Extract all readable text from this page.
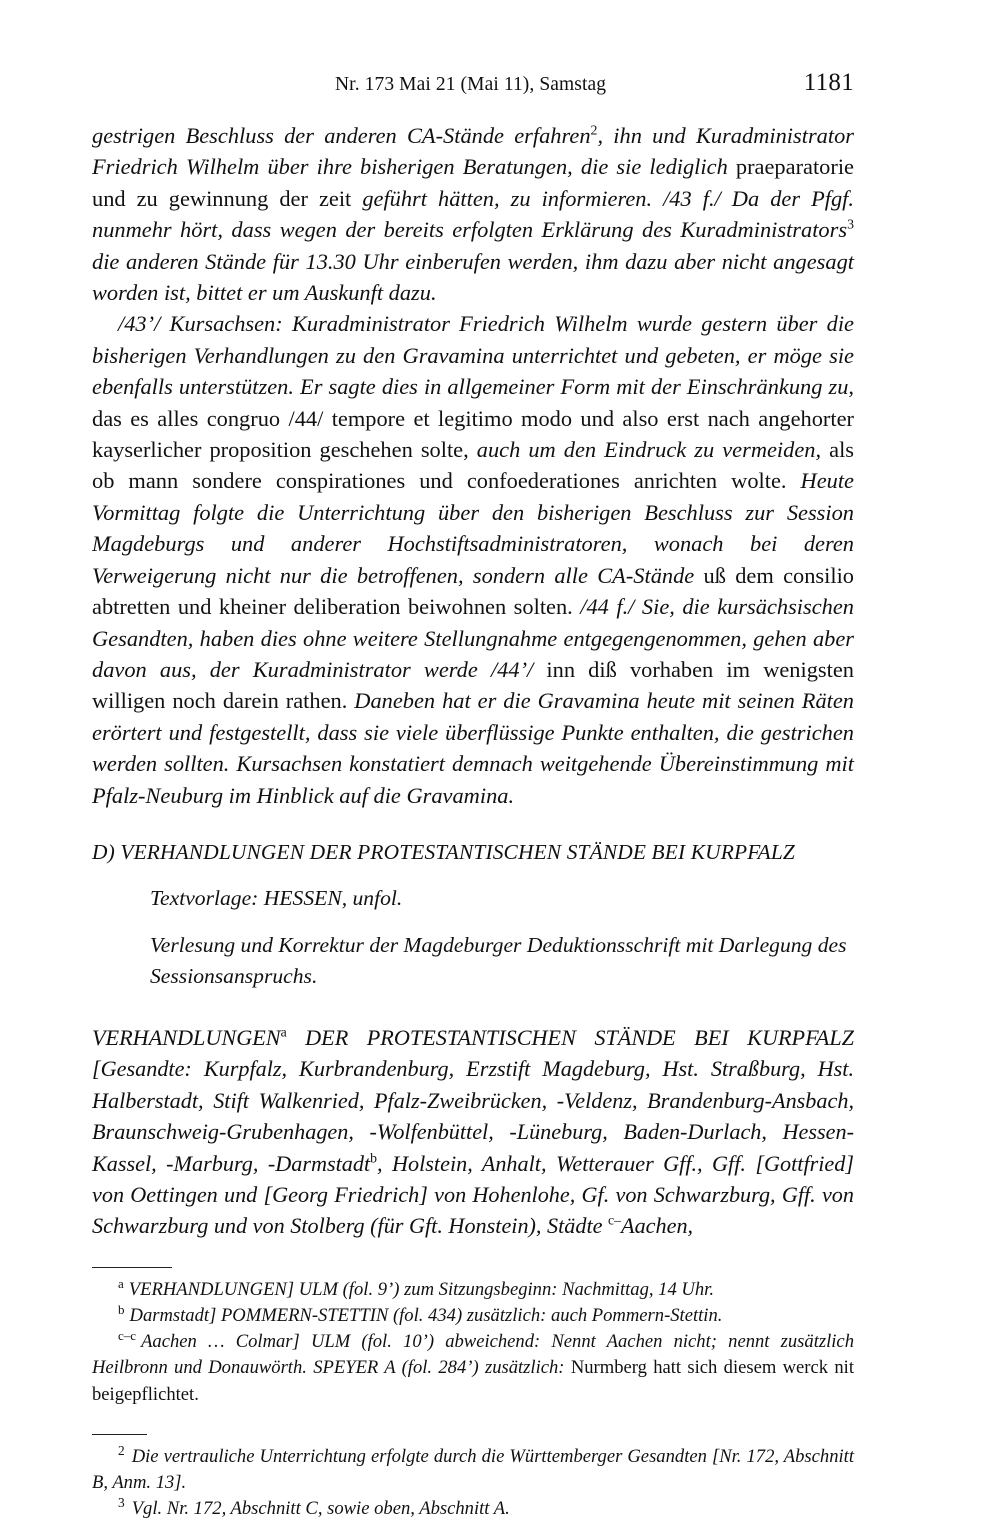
Nr. 173 Mai 21 (Mai 11), Samstag	1181

gestrigen Beschluss der anderen CA-Stände erfahren$^2$, ihn und Kuradministrator Friedrich Wilhelm über ihre bisherigen Beratungen, die sie lediglich praeparatorie und zu gewinnung der zeit geführt hätten, zu informieren. /43 f./ Da der Pfgf. nunmehr hört, dass wegen der bereits erfolgten Erklärung des Kuradministrators$^3$ die anderen Stände für 13.30 Uhr einberufen werden, ihm dazu aber nicht angesagt worden ist, bittet er um Auskunft dazu.

/43’/ Kursachsen: Kuradministrator Friedrich Wilhelm wurde gestern über die bisherigen Verhandlungen zu den Gravamina unterrichtet und gebeten, er möge sie ebenfalls unterstützen. Er sagte dies in allgemeiner Form mit der Einschränkung zu, das es alles congruo /44/ tempore et legitimo modo und also erst nach angehorter kayserlicher proposition geschehen solte, auch um den Eindruck zu vermeiden, als ob mann sondere conspirationes und confoederationes anrichten wolte. Heute Vormittag folgte die Unterrichtung über den bisherigen Beschluss zur Session Magdeburgs und anderer Hochstiftsadministratoren, wonach bei deren Verweigerung nicht nur die betroffenen, sondern alle CA-Stände uß dem consilio abtretten und kheiner deliberation beiwohnen solten. /44 f./ Sie, die kursächsischen Gesandten, haben dies ohne weitere Stellungnahme entgegengenommen, gehen aber davon aus, der Kuradministrator werde /44’/ inn diß vorhaben im wenigsten willigen noch darein rathen. Daneben hat er die Gravamina heute mit seinen Räten erörtert und festgestellt, dass sie viele überflüssige Punkte enthalten, die gestrichen werden sollten. Kursachsen konstatiert demnach weitgehende Übereinstimmung mit Pfalz-Neuburg im Hinblick auf die Gravamina.

D) VERHANDLUNGEN DER PROTESTANTISCHEN STÄNDE BEI KURPFALZ
Textvorlage: HESSEN, unfol.
Verlesung und Korrektur der Magdeburger Deduktionsschrift mit Darlegung des Sessionsanspruchs.

VERHANDLUNGEN$^a$ DER PROTESTANTISCHEN STÄNDE BEI KURPFALZ
[Gesandte: Kurpfalz, Kurbrandenburg, Erzstift Magdeburg, Hst. Straßburg, Hst. Halberstadt, Stift Walkenried, Pfalz-Zweibrücken, -Veldenz, Brandenburg-Ansbach, Braunschweig-Grubenhagen, -Wolfenbüttel, -Lüneburg, Baden-Durlach, Hessen-Kassel, -Marburg, -Darmstadt$^b$, Holstein, Anhalt, Wetterauer Gff., Gff. [Gottfried] von Oettingen und [Georg Friedrich] von Hohenlohe, Gf. von Schwarzburg, Gff. von Schwarzburg und von Stolberg (für Gft. Honstein), Städte $^{c-}$Aachen,

$^a$ VERHANDLUNGEN] ULM (fol. 9’) zum Sitzungsbeginn: Nachmittag, 14 Uhr.

$^b$ Darmstadt] POMMERN-STETTIN (fol. 434) zusätzlich: auch Pommern-Stettin.

$^{c-c}$ Aachen … Colmar] ULM (fol. 10’) abweichend: Nennt Aachen nicht; nennt zusätzlich Heilbronn und Donauwörth. SPEYER A (fol. 284’) zusätzlich: Nurmberg hatt sich diesem werck nit beigepflichtet.

$^2$ Die vertrauliche Unterrichtung erfolgte durch die Württemberger Gesandten [Nr. 172, Abschnitt B, Anm. 13].

$^3$ Vgl. Nr. 172, Abschnitt C, sowie oben, Abschnitt A.
